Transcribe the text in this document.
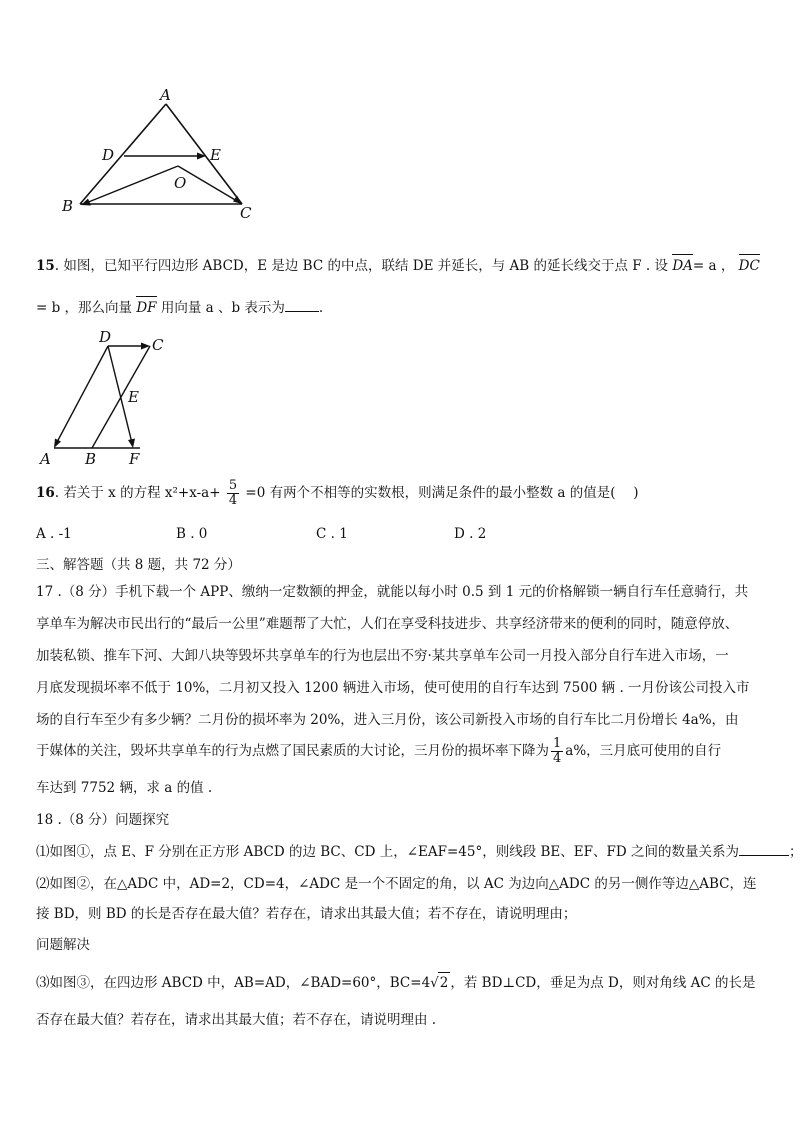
A
D	E
O
B	C
15. 如图，已知平行四边形 ABCD，E 是边 BC 的中点，联结 DE 并延长，与 AB 的延长线交于点 F . 设 DA= a ， DC
= b ，那么向量 DF 用向量 a 、b 表示为	.
D	C
E
A B F
16. 若关于 x 的方程 $x^2+x-a+ \frac{5}{4} =0$ 有两个不相等的实数根，则满足条件的最小整数 a 的值是(　 )
A . -1	B . 0	C . 1	D . 2
三、解答题（共 8 题，共 72 分）
17 .（8 分）手机下载一个 APP、缴纳一定数额的押金，就能以每小时 0.5 到 1 元的价格解锁一辆自行车任意骑行，共
享单车为解决市民出行的“最后一公里”难题帮了大忙，人们在享受科技进步、共享经济带来的便利的同时，随意停放、
加装私锁、推车下河、大卸八块等毁坏共享单车的行为也层出不穷·某共享单车公司一月投入部分自行车进入市场，一
月底发现损坏率不低于 10%，二月初又投入 1200 辆进入市场，使可使用的自行车达到 7500 辆 . 一月份该公司投入市
场的自行车至少有多少辆？二月份的损坏率为 20%，进入三月份，该公司新投入市场的自行车比二月份增长 4a%，由
于媒体的关注，毁坏共享单车的行为点燃了国民素质的大讨论，三月份的损坏率下降为 $\frac{1}{4} a\%$，三月底可使用的自行
车达到 7752 辆，求 a 的值 .
18 .（8 分）问题探究
⑴如图①，点 E、F 分别在正方形 ABCD 的边 BC、CD 上，∠EAF=45°，则线段 BE、EF、FD 之间的数量关系为	；
⑵如图②，在△ADC 中，AD=2，CD=4，∠ADC 是一个不固定的角，以 AC 为边向△ADC 的另一侧作等边△ABC，连
接 BD，则 BD 的长是否存在最大值？若存在，请求出其最大值；若不存在，请说明理由；
问题解决
⑶如图③，在四边形 ABCD 中，AB=AD，∠BAD=60°，BC=4√2 ，若 BD⊥CD，垂足为点 D，则对角线 AC 的长是
否存在最大值？若存在，请求出其最大值；若不存在，请说明理由 .
